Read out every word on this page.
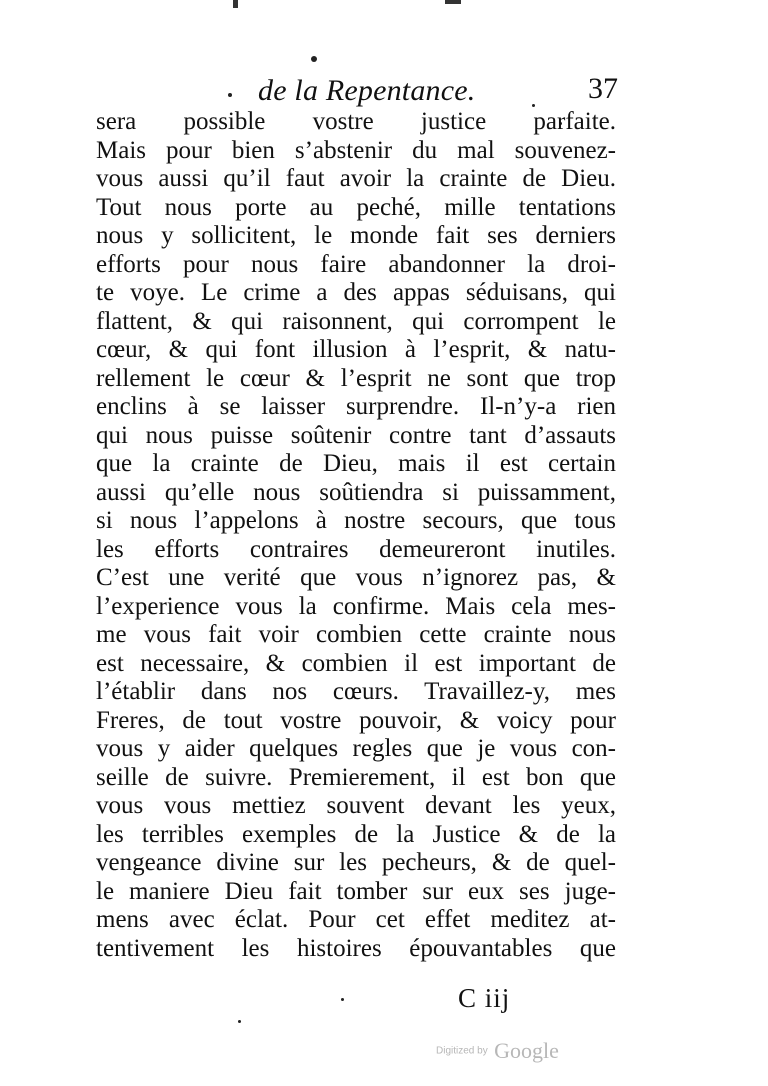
de la Repentance.	37
sera possible vostre justice parfaite.
Mais pour bien s’abstenir du mal souvenez-
vous aussi qu’il faut avoir la crainte de Dieu.
Tout nous porte au peché, mille tentations
nous y sollicitent, le monde fait ses derniers
efforts pour nous faire abandonner la droi-
te voye. Le crime a des appas séduisans, qui
flattent, & qui raisonnent, qui corrompent le
cœur, & qui font illusion à l’esprit, & natu-
rellement le cœur & l’esprit ne sont que trop
enclins à se laisser surprendre. Il-n’y-a rien
qui nous puisse soûtenir contre tant d’assauts
que la crainte de Dieu, mais il est certain
aussi qu’elle nous soûtiendra si puissamment,
si nous l’appelons à nostre secours, que tous
les efforts contraires demeureront inutiles.
C’est une verité que vous n’ignorez pas, &
l’experience vous la confirme. Mais cela mes-
me vous fait voir combien cette crainte nous
est necessaire, & combien il est important de
l’établir dans nos cœurs. Travaillez-y, mes
Freres, de tout vostre pouvoir, & voicy pour
vous y aider quelques regles que je vous con-
seille de suivre. Premierement, il est bon que
vous vous mettiez souvent devant les yeux,
les terribles exemples de la Justice & de la
vengeance divine sur les pecheurs, & de quel-
le maniere Dieu fait tomber sur eux ses juge-
mens avec éclat. Pour cet effet meditez at-
tentivement les histoires épouvantables que
C iij
Digitized by Google
